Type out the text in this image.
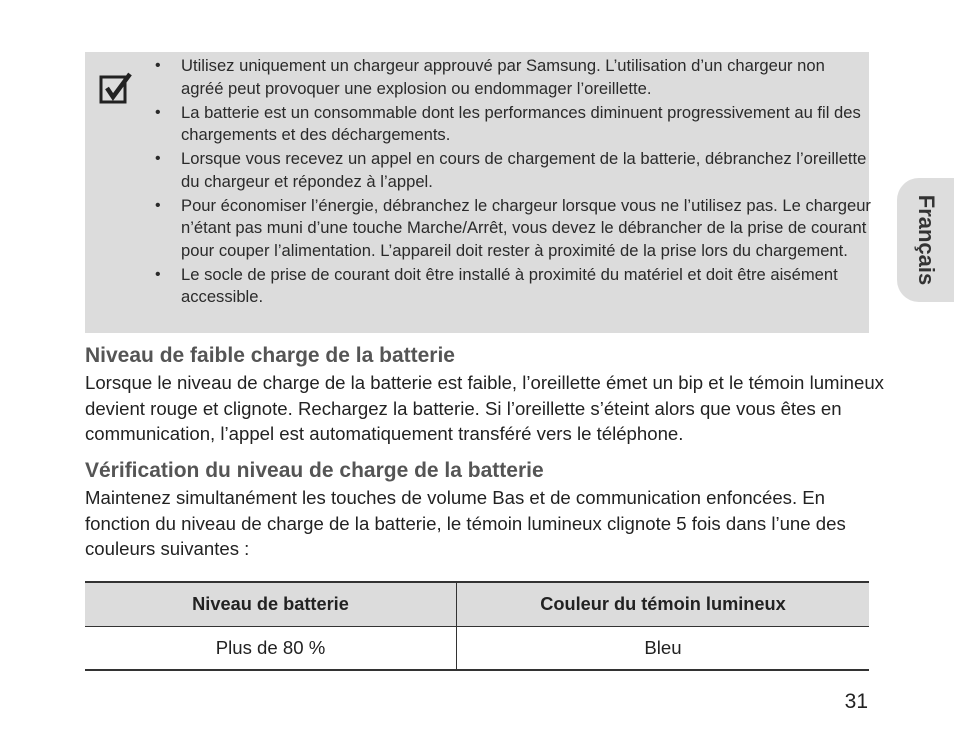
• Utilisez uniquement un chargeur approuvé par Samsung. L’utilisation d’un chargeur non agréé peut provoquer une explosion ou endommager l’oreillette.
• La batterie est un consommable dont les performances diminuent progressivement au fil des chargements et des déchargements.
• Lorsque vous recevez un appel en cours de chargement de la batterie, débranchez l’oreillette du chargeur et répondez à l’appel.
• Pour économiser l’énergie, débranchez le chargeur lorsque vous ne l’utilisez pas. Le chargeur n’étant pas muni d’une touche Marche/Arrêt, vous devez le débrancher de la prise de courant pour couper l’alimentation. L’appareil doit rester à proximité de la prise lors du chargement.
• Le socle de prise de courant doit être installé à proximité du matériel et doit être aisément accessible.
Niveau de faible charge de la batterie

Lorsque le niveau de charge de la batterie est faible, l’oreillette émet un bip et le témoin lumineux devient rouge et clignote. Rechargez la batterie. Si l’oreillette s’éteint alors que vous êtes en communication, l’appel est automatiquement transféré vers le téléphone.

Vérification du niveau de charge de la batterie

Maintenez simultanément les touches de volume Bas et de communication enfoncées. En fonction du niveau de charge de la batterie, le témoin lumineux clignote 5 fois dans l’une des couleurs suivantes :

Niveau de batterie	Couleur du témoin lumineux
Plus de 80 %	Bleu
Français
31
